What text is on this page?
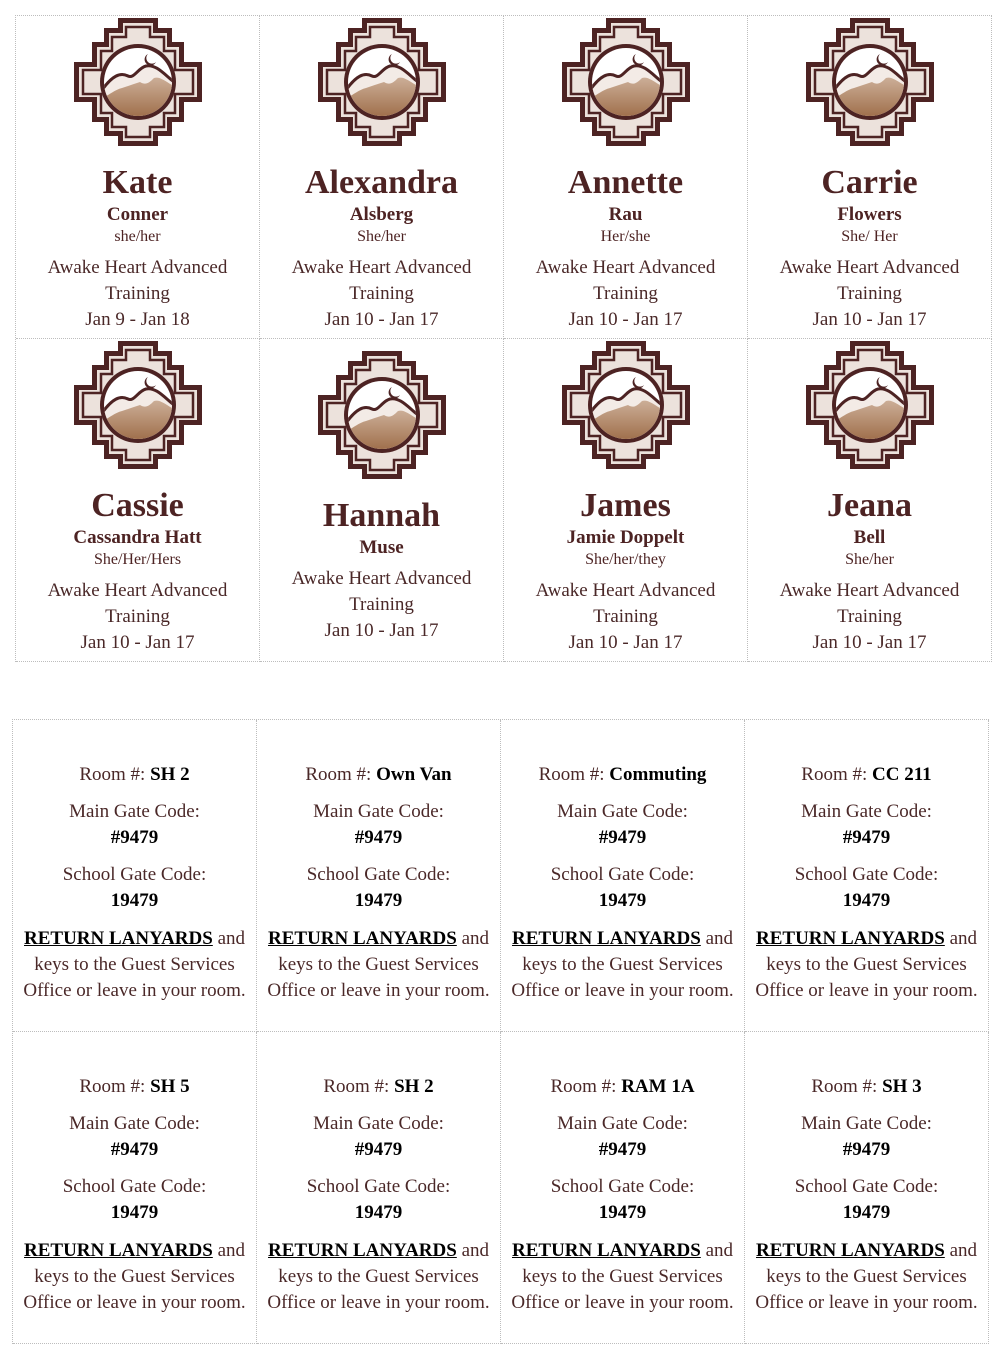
Kate
Conner
she/her
Awake Heart Advanced Training
Jan 9 - Jan 18
Alexandra
Alsberg
She/her
Awake Heart Advanced Training
Jan 10 - Jan 17
Annette
Rau
Her/she
Awake Heart Advanced Training
Jan 10 - Jan 17
Carrie
Flowers
She/ Her
Awake Heart Advanced Training
Jan 10 - Jan 17
Cassie
Cassandra Hatt
She/Her/Hers
Awake Heart Advanced Training
Jan 10 - Jan 17
Hannah
Muse
Awake Heart Advanced Training
Jan 10 - Jan 17
James
Jamie Doppelt
She/her/they
Awake Heart Advanced Training
Jan 10 - Jan 17
Jeana
Bell
She/her
Awake Heart Advanced Training
Jan 10 - Jan 17
Room #: SH 2
Main Gate Code:
#9479
School Gate Code:
19479
RETURN LANYARDS and keys to the Guest Services Office or leave in your room.
Room #: Own Van
Main Gate Code:
#9479
School Gate Code:
19479
RETURN LANYARDS and keys to the Guest Services Office or leave in your room.
Room #: Commuting
Main Gate Code:
#9479
School Gate Code:
19479
RETURN LANYARDS and keys to the Guest Services Office or leave in your room.
Room #: CC 211
Main Gate Code:
#9479
School Gate Code:
19479
RETURN LANYARDS and keys to the Guest Services Office or leave in your room.
Room #: SH 5
Main Gate Code:
#9479
School Gate Code:
19479
RETURN LANYARDS and keys to the Guest Services Office or leave in your room.
Room #: SH 2
Main Gate Code:
#9479
School Gate Code:
19479
RETURN LANYARDS and keys to the Guest Services Office or leave in your room.
Room #: RAM 1A
Main Gate Code:
#9479
School Gate Code:
19479
RETURN LANYARDS and keys to the Guest Services Office or leave in your room.
Room #: SH 3
Main Gate Code:
#9479
School Gate Code:
19479
RETURN LANYARDS and keys to the Guest Services Office or leave in your room.
